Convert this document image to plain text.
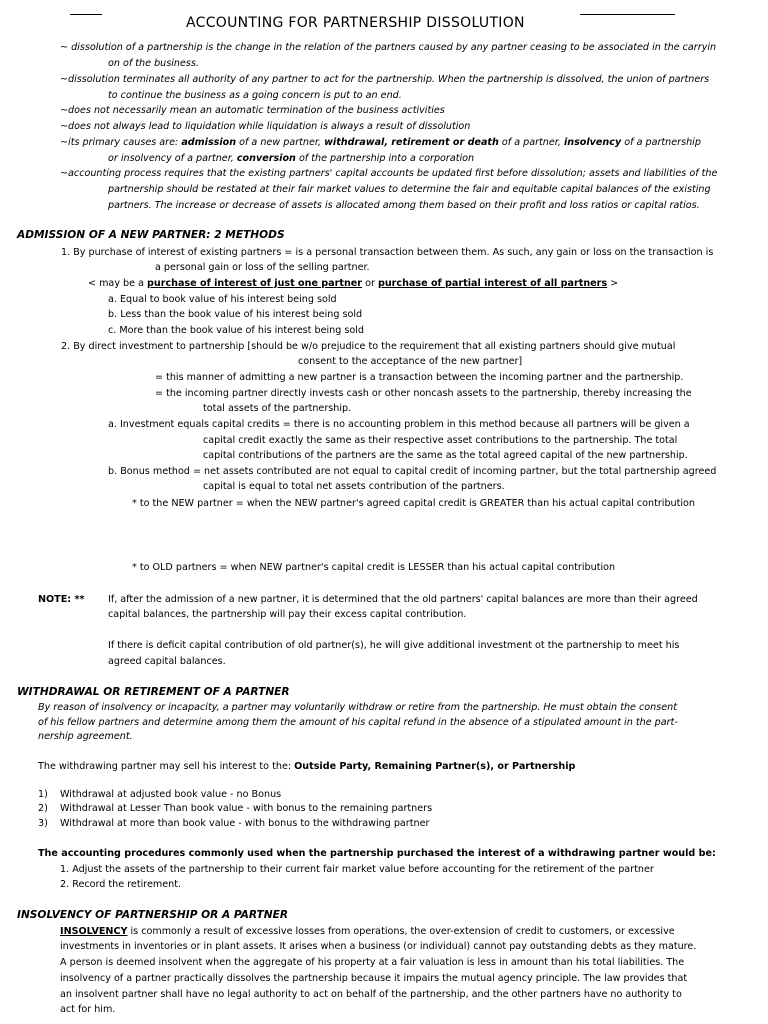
ACCOUNTING FOR PARTNERSHIP DISSOLUTION
~ dissolution of a partnership is the change in the relation of the partners caused by any partner ceasing to be associated in the carryin
on of the business.
~dissolution terminates all authority of any partner to act for the partnership. When the partnership is dissolved, the union of partners
to continue the business as a going concern is put to an end.
~does not necessarily mean an automatic termination of the business activities
~does not always lead to liquidation while liquidation is always a result of dissolution
~its primary causes are: admission of a new partner, withdrawal, retirement or death of a partner, insolvency of a partnership
or insolvency of a partner, conversion of the partnership into a corporation
~accounting process requires that the existing partners' capital accounts be updated first before dissolution; assets and liabilities of the
partnership should be restated at their fair market values to determine the fair and equitable capital balances of the existing
partners. The increase or decrease of assets is allocated among them based on their profit and loss ratios or capital ratios.
ADMISSION OF A NEW PARTNER: 2 METHODS
1. By purchase of interest of existing partners = is a personal transaction between them. As such, any gain or loss on the transaction is
a personal gain or loss of the selling partner.
< may be a purchase of interest of just one partner or purchase of partial interest of all partners >
a. Equal to book value of his interest being sold
b. Less than the book value of his interest being sold
c. More than the book value of his interest being sold
2. By direct investment to partnership [should be w/o prejudice to the requirement that all existing partners should give mutual
consent to the acceptance of the new partner]
= this manner of admitting a new partner is a transaction between the incoming partner and the partnership.
= the incoming partner directly invests cash or other noncash assets to the partnership, thereby increasing the
total assets of the partnership.
a. Investment equals capital credits = there is no accounting problem in this method because all partners will be given a
capital credit exactly the same as their respective asset contributions to the partnership. The total
capital contributions of the partners are the same as the total agreed capital of the new partnership.
b. Bonus method = net assets contributed are not equal to capital credit of incoming partner, but the total partnership agreed
capital is equal to total net assets contribution of the partners.
* to the NEW partner = when the NEW partner's agreed capital credit is GREATER than his actual capital contribution
* to OLD partners = when NEW partner's capital credit is LESSER than his actual capital contribution
NOTE: ** If, after the admission of a new partner, it is determined that the old partners' capital balances are more than their agreed
capital balances, the partnership will pay their excess capital contribution.
If there is deficit capital contribution of old partner(s), he will give additional investment ot the partnership to meet his
agreed capital balances.
WITHDRAWAL OR RETIREMENT OF A PARTNER
By reason of insolvency or incapacity, a partner may voluntarily withdraw or retire from the partnership. He must obtain the consent
of his fellow partners and determine among them the amount of his capital refund in the absence of a stipulated amount in the part-
nership agreement.
The withdrawing partner may sell his interest to the: Outside Party, Remaining Partner(s), or Partnership
1) Withdrawal at adjusted book value - no Bonus
2) Withdrawal at Lesser Than book value - with bonus to the remaining partners
3) Withdrawal at more than book value - with bonus to the withdrawing partner
The accounting procedures commonly used when the partnership purchased the interest of a withdrawing partner would be:
1. Adjust the assets of the partnership to their current fair market value before accounting for the retirement of the partner
2. Record the retirement.
INSOLVENCY OF PARTNERSHIP OR A PARTNER
INSOLVENCY is commonly a result of excessive losses from operations, the over-extension of credit to customers, or excessive
investments in inventories or in plant assets. It arises when a business (or individual) cannot pay outstanding debts as they mature.
A person is deemed insolvent when the aggregate of his property at a fair valuation is less in amount than his total liabilities. The
insolvency of a partner practically dissolves the partnership because it impairs the mutual agency principle. The law provides that
an insolvent partner shall have no legal authority to act on behalf of the partnership, and the other partners have no authority to
act for him.
